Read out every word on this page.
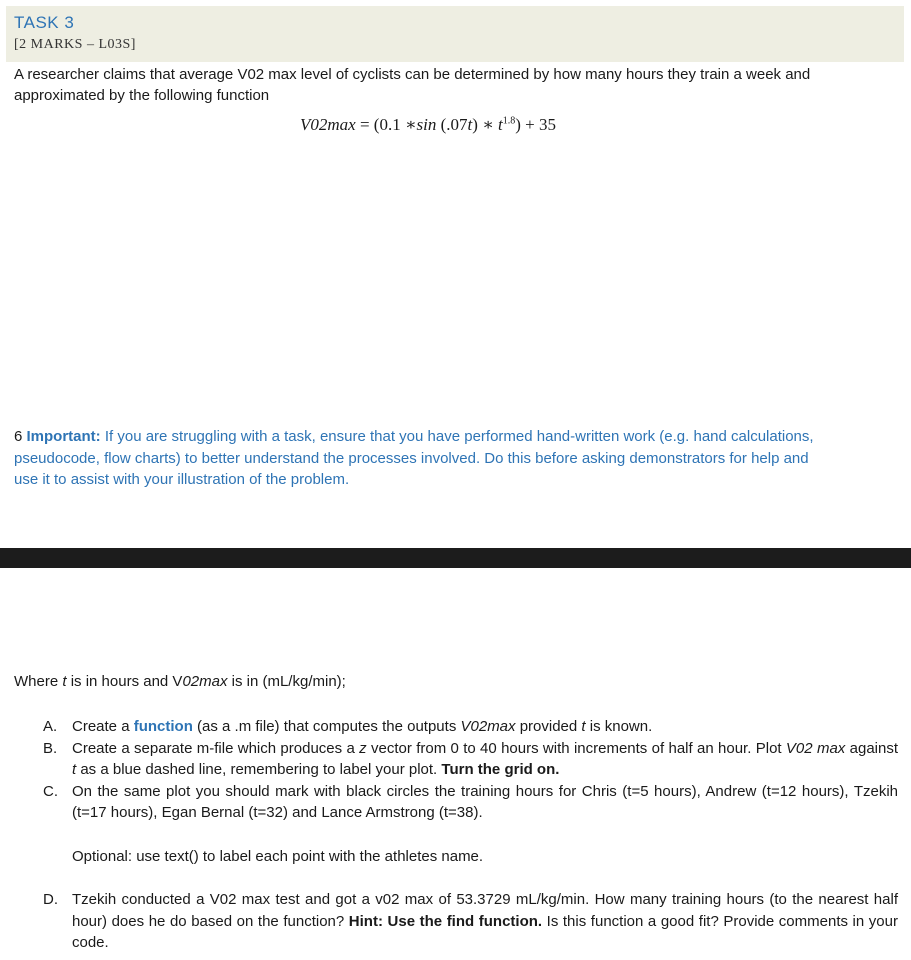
TASK 3
[2 MARKS – L03S]
A researcher claims that average V02 max level of cyclists can be determined by how many hours they train a week and approximated by the following function
V02max = (0.1 ∗sin (.07t) ∗ $t^{1.8}) + 35$
6 Important: If you are struggling with a task, ensure that you have performed hand-written work (e.g. hand calculations, pseudocode, flow charts) to better understand the processes involved. Do this before asking demonstrators for help and use it to assist with your illustration of the problem.
Where t is in hours and V02max is in (mL/kg/min);
A. Create a function (as a .m file) that computes the outputs V02max provided t is known.
B. Create a separate m-file which produces a z vector from 0 to 40 hours with increments of half an hour. Plot V02 max against t as a blue dashed line, remembering to label your plot. Turn the grid on.
C. On the same plot you should mark with black circles the training hours for Chris (t=5 hours), Andrew (t=12 hours), Tzekih (t=17 hours), Egan Bernal (t=32) and Lance Armstrong (t=38).
Optional: use text() to label each point with the athletes name.
D. Tzekih conducted a V02 max test and got a v02 max of 53.3729 mL/kg/min. How many training hours (to the nearest half hour) does he do based on the function? Hint: Use the find function. Is this function a good fit? Provide comments in your code.
